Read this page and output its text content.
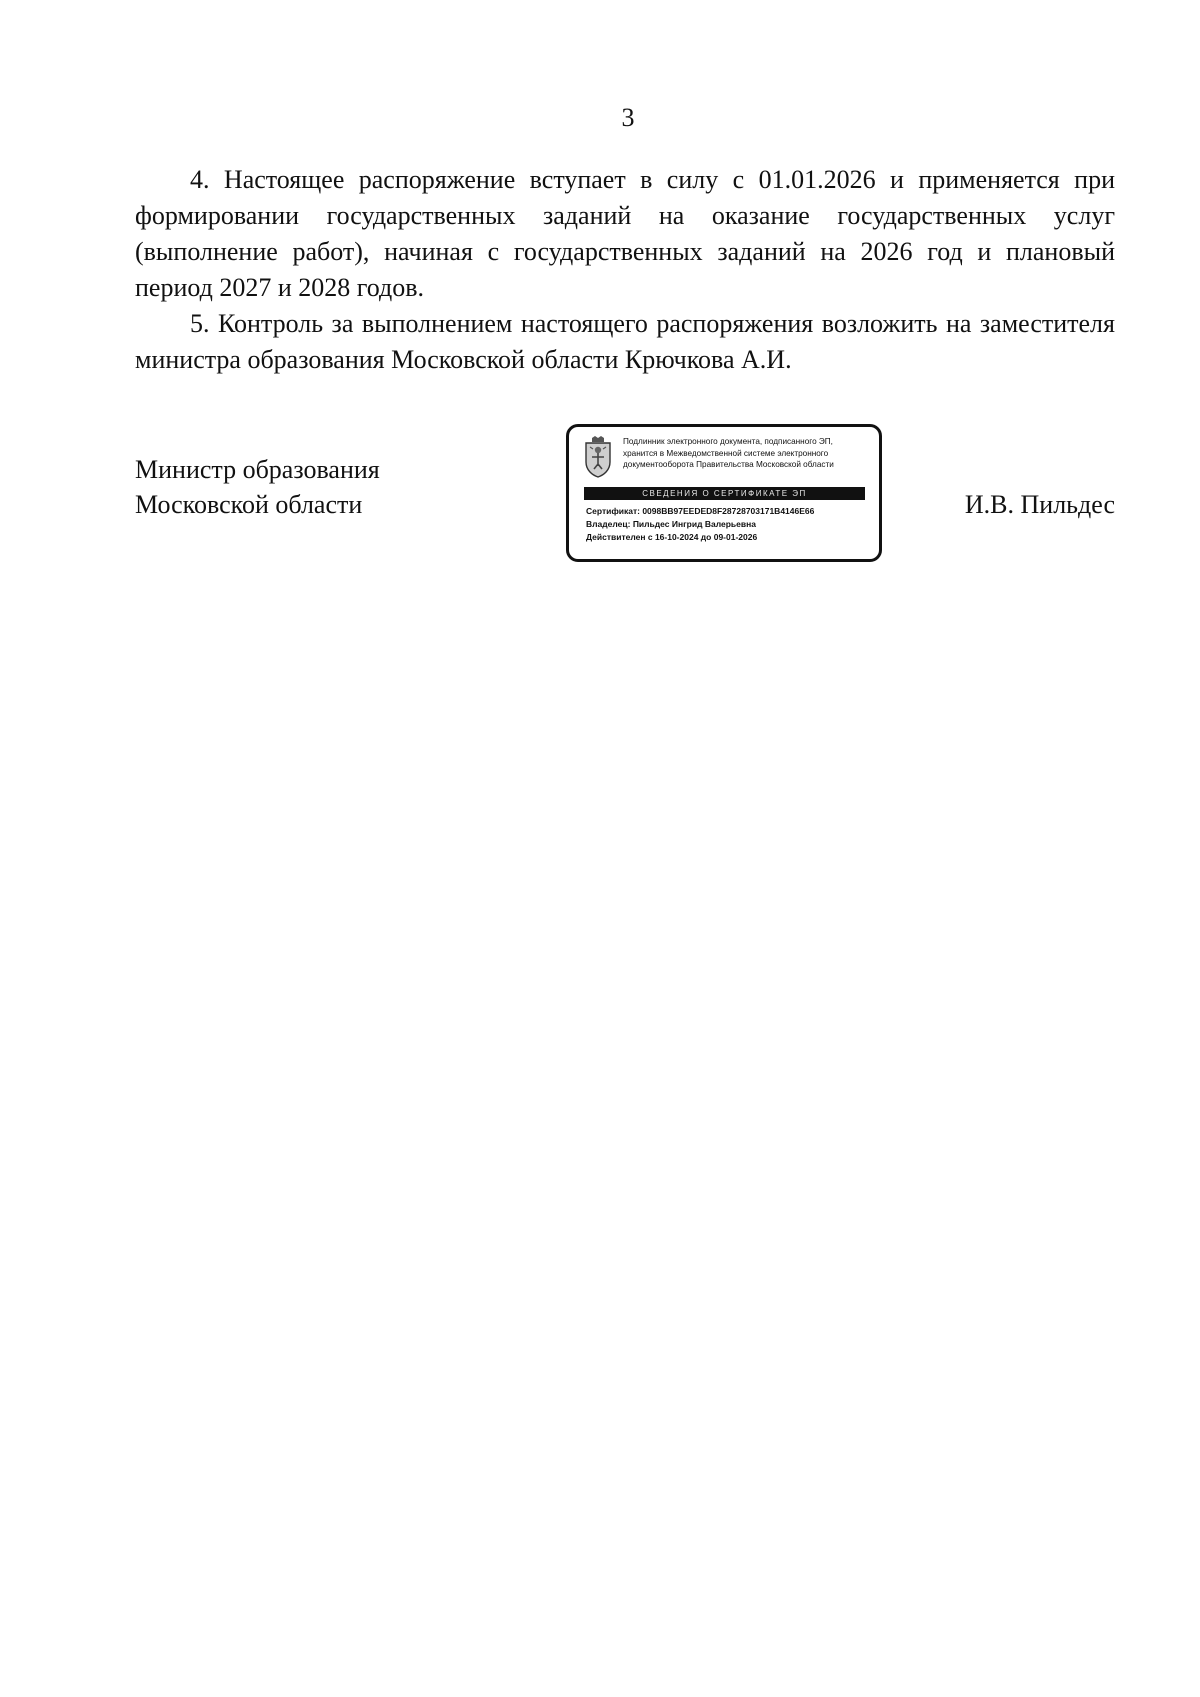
3

4. Настоящее распоряжение вступает в силу с 01.01.2026 и применяется при формировании государственных заданий на оказание государственных услуг (выполнение работ), начиная с государственных заданий на 2026 год и плановый период 2027 и 2028 годов.

5. Контроль за выполнением настоящего распоряжения возложить на заместителя министра образования Московской области Крючкова А.И.

Министр образования
Московской области
Подлинник электронного документа, подписанного ЭП,
хранится в Межведомственной системе электронного
документооборота Правительства Московской области
СВЕДЕНИЯ О СЕРТИФИКАТЕ ЭП
Сертификат: 0098BB97EEDED8F28728703171B4146E66
Владелец: Пильдес Ингрид Валерьевна
Действителен с 16-10-2024 до 09-01-2026
И.В. Пильдес
